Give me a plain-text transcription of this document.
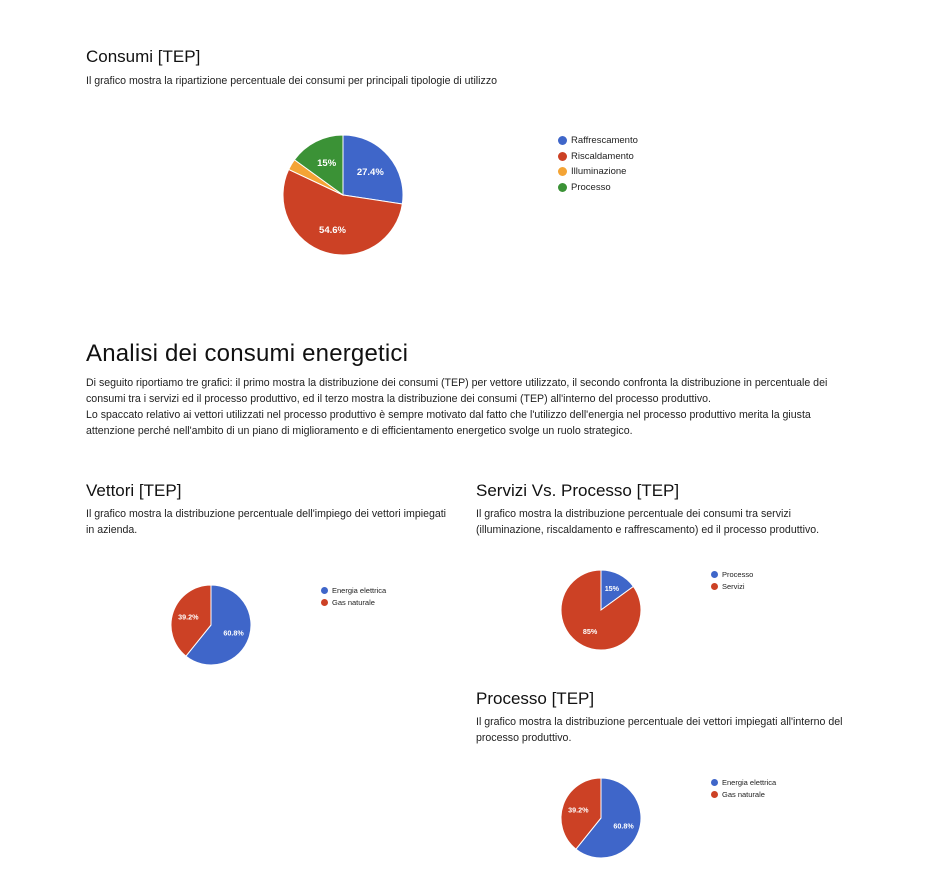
Consumi [TEP]

Il grafico mostra la ripartizione percentuale dei consumi per principali tipologie di utilizzo

27.4%
54.6%
15%
Raffrescamento
Riscaldamento
Illuminazione
Processo
Analisi dei consumi energetici
Di seguito riportiamo tre grafici: il primo mostra la distribuzione dei consumi (TEP) per vettore utilizzato, il secondo confronta la distribuzione in percentuale dei consumi tra i servizi ed il processo produttivo, ed il terzo mostra la distribuzione dei consumi (TEP) all'interno del processo produttivo.
Lo spaccato relativo ai vettori utilizzati nel processo produttivo è sempre motivato dal fatto che l'utilizzo dell'energia nel processo produttivo merita la giusta attenzione perché nell'ambito di un piano di miglioramento e di efficientamento energetico svolge un ruolo strategico.
Vettori [TEP]

Il grafico mostra la distribuzione percentuale dell'impiego dei vettori impiegati in azienda.

60.8%
39.2%
Energia elettrica
Gas naturale
Servizi Vs. Processo [TEP]

Il grafico mostra la distribuzione percentuale dei consumi tra servizi (illuminazione, riscaldamento e raffrescamento) ed il processo produttivo.

15%
85%
Processo
Servizi
Processo [TEP]

Il grafico mostra la distribuzione percentuale dei vettori impiegati all'interno del processo produttivo.

60.8%
39.2%
Energia elettrica
Gas naturale
